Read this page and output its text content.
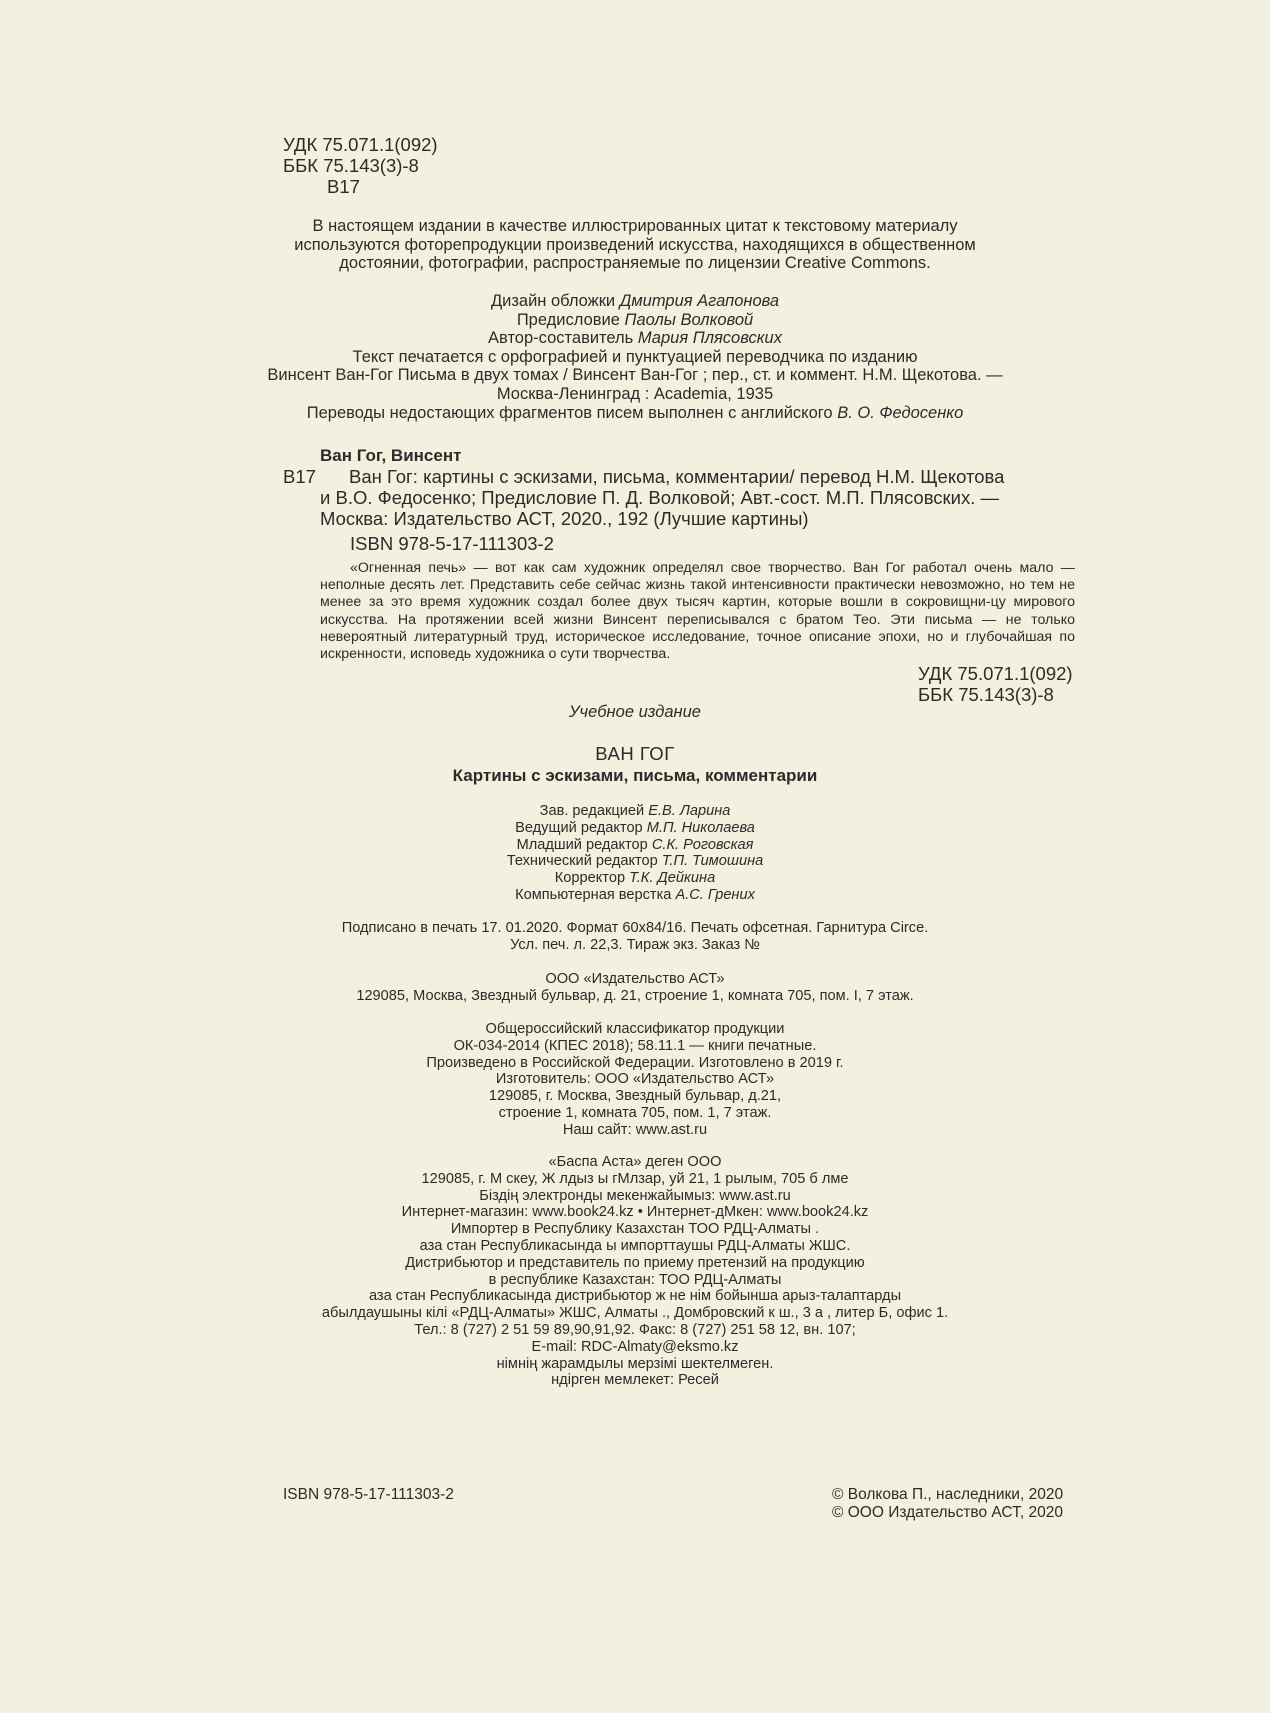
УДК 75.071.1(092)

ББК 75.143(3)-8

В17

В настоящем издании в качестве иллюстрированных цитат к текстовому материалу

используются фоторепродукции произведений искусства, находящихся в общественном

достоянии, фотографии, распространяемые по лицензии Creative Commons.

Дизайн обложки Дмитрия Агапонова

Предисловие Паолы Волковой

Автор-составитель Мария Плясовских

Текст печатается с орфографией и пунктуацией переводчика по изданию

Винсент Ван-Гог Письма в двух томах / Винсент Ван-Гог ; пер., ст. и коммент. Н.М. Щекотова. —

Москва-Ленинград : Academia, 1935

Переводы недостающих фрагментов писем выполнен с английского В. О. Федосенко

Ван Гог, Винсент

В17 Ван Гог: картины с эскизами, письма, комментарии/ перевод Н.М. Щекотова

и В.О. Федосенко; Предисловие П. Д. Волковой; Авт.-сост. М.П. Плясовских. —

Москва: Издательство АСТ, 2020., 192 (Лучшие картины)

ISBN 978-5-17-111303-2

«Огненная печь» — вот как сам художник определял свое творчество. Ван Гог работал очень мало — неполные десять лет. Представить себе сейчас жизнь такой интенсивности практически невозможно, но тем не менее за это время художник создал более двух тысяч картин, которые вошли в сокровищни-цу мирового искусства. На протяжении всей жизни Винсент переписывался с братом Тео. Эти письма — не только невероятный литературный труд, историческое исследование, точное описание эпохи, но и глубочайшая по искренности, исповедь художника о сути творчества.

УДК 75.071.1(092)

ББК 75.143(3)-8

Учебное издание
ВАН ГОГ
Картины с эскизами, письма, комментарии

Зав. редакцией Е.В. Ларина

Ведущий редактор М.П. Николаева

Младший редактор С.К. Роговская

Технический редактор Т.П. Тимошина

Корректор Т.К. Дейкина

Компьютерная верстка А.С. Грених

Подписано в печать 17. 01.2020. Формат 60x84/16. Печать офсетная. Гарнитура Circe.

Усл. печ. л. 22,3. Тираж экз. Заказ №

ООО «Издательство АСТ»

129085, Москва, Звездный бульвар, д. 21, строение 1, комната 705, пом. I, 7 этаж.

Общероссийский классификатор продукции

ОК-034-2014 (КПЕС 2018); 58.11.1 — книги печатные.

Произведено в Российской Федерации. Изготовлено в 2019 г.

Изготовитель: ООО «Издательство АСТ»

129085, г. Москва, Звездный бульвар, д.21,

строение 1, комната 705, пом. 1, 7 этаж.

Наш сайт: www.ast.ru

«Баспа Аста» деген ООО

129085, г. М скеу, Ж лдыз ы гМлзар, уй 21, 1 рылым, 705 б лме

Біздің электронды мекенжайымыз: www.ast.ru

Интернет-магазин: www.book24.kz • Интернет-дМкен: www.book24.kz

Импортер в Республику Казахстан ТОО РДЦ-Алматы .

аза стан Республикасында ы импорттаушы РДЦ-Алматы ЖШС.

Дистрибьютор и представитель по приему претензий на продукцию

в республике Казахстан: ТОО РДЦ-Алматы

аза стан Республикасында дистрибьютор ж не нім бойынша арыз-талаптарды

абылдаушыны кілі «РДЦ-Алматы» ЖШС, Алматы ., Домбровский к ш., 3 а , литер Б, офис 1.

Тел.: 8 (727) 2 51 59 89,90,91,92. Факс: 8 (727) 251 58 12, вн. 107;

E-mail: RDC-Almaty@eksmo.kz

німнің жарамдылы мерзімі шектелмеген.

ндірген мемлекет: Ресей

ISBN 978-5-17-111303-2	© Волкова П., наследники, 2020

© ООО Издательство АСТ, 2020
